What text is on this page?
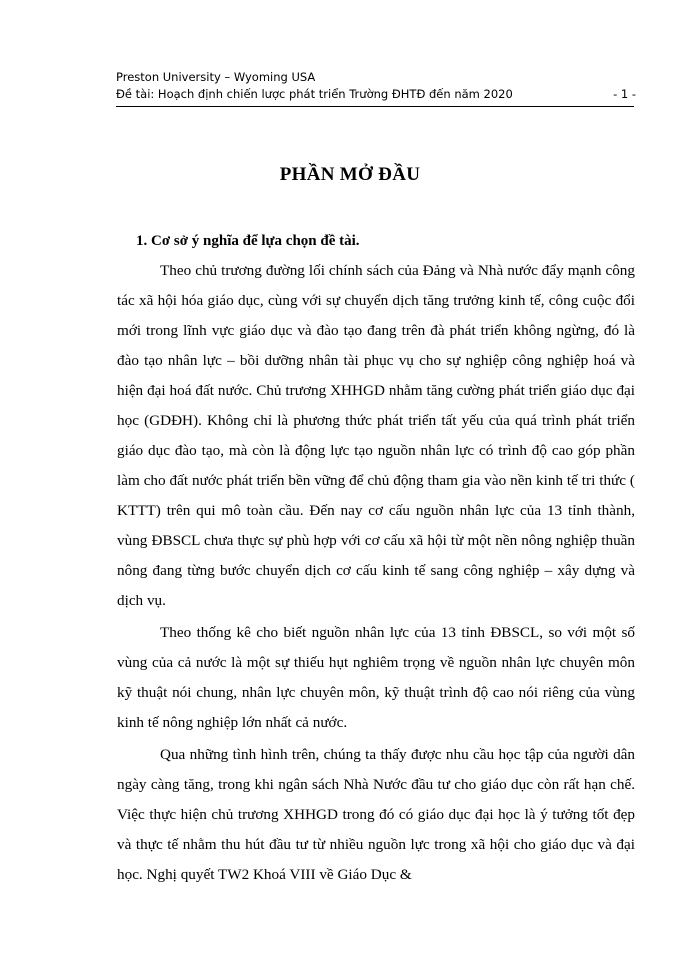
Preston University – Wyoming USA
Đề tài: Hoạch định chiến lược phát triển Trường ĐHTĐ đến năm 2020	- 1 -
PHẦN MỞ ĐẦU

1. Cơ sở ý nghĩa để lựa chọn đề tài.

Theo chủ trương đường lối chính sách của Đảng và Nhà nước đẩy mạnh công tác xã hội hóa giáo dục, cùng với sự chuyển dịch tăng trưởng kinh tế, công cuộc đổi mới trong lĩnh vực giáo dục và đào tạo đang trên đà phát triển không ngừng, đó là đào tạo nhân lực – bồi dưỡng nhân tài phục vụ cho sự nghiệp công nghiệp hoá và hiện đại hoá đất nước. Chủ trương XHHGD nhằm tăng cường phát triển giáo dục đại học (GDĐH). Không chỉ là phương thức phát triển tất yếu của quá trình phát triển giáo dục đào tạo, mà còn là động lực tạo nguồn nhân lực có trình độ cao góp phần làm cho đất nước phát triển bền vững để chủ động tham gia vào nền kinh tế tri thức ( KTTT) trên qui mô toàn cầu. Đến nay cơ cấu nguồn nhân lực của 13 tỉnh thành, vùng ĐBSCL chưa thực sự phù hợp với cơ cấu xã hội từ một nền nông nghiệp thuần nông đang từng bước chuyển dịch cơ cấu kinh tế sang công nghiệp – xây dựng và dịch vụ.

Theo thống kê cho biết nguồn nhân lực của 13 tỉnh ĐBSCL, so với một số vùng của cả nước là một sự thiếu hụt nghiêm trọng về nguồn nhân lực chuyên môn kỹ thuật nói chung, nhân lực chuyên môn, kỹ thuật trình độ cao nói riêng của vùng kinh tế nông nghiệp lớn nhất cả nước.

Qua những tình hình trên, chúng ta thấy được nhu cầu học tập của người dân ngày càng tăng, trong khi ngân sách Nhà Nước đầu tư cho giáo dục còn rất hạn chế. Việc thực hiện chủ trương XHHGD trong đó có giáo dục đại học là ý tưởng tốt đẹp và thực tế nhằm thu hút đầu tư từ nhiều nguồn lực trong xã hội cho giáo dục và đại học. Nghị quyết TW2 Khoá VIII về Giáo Dục &
